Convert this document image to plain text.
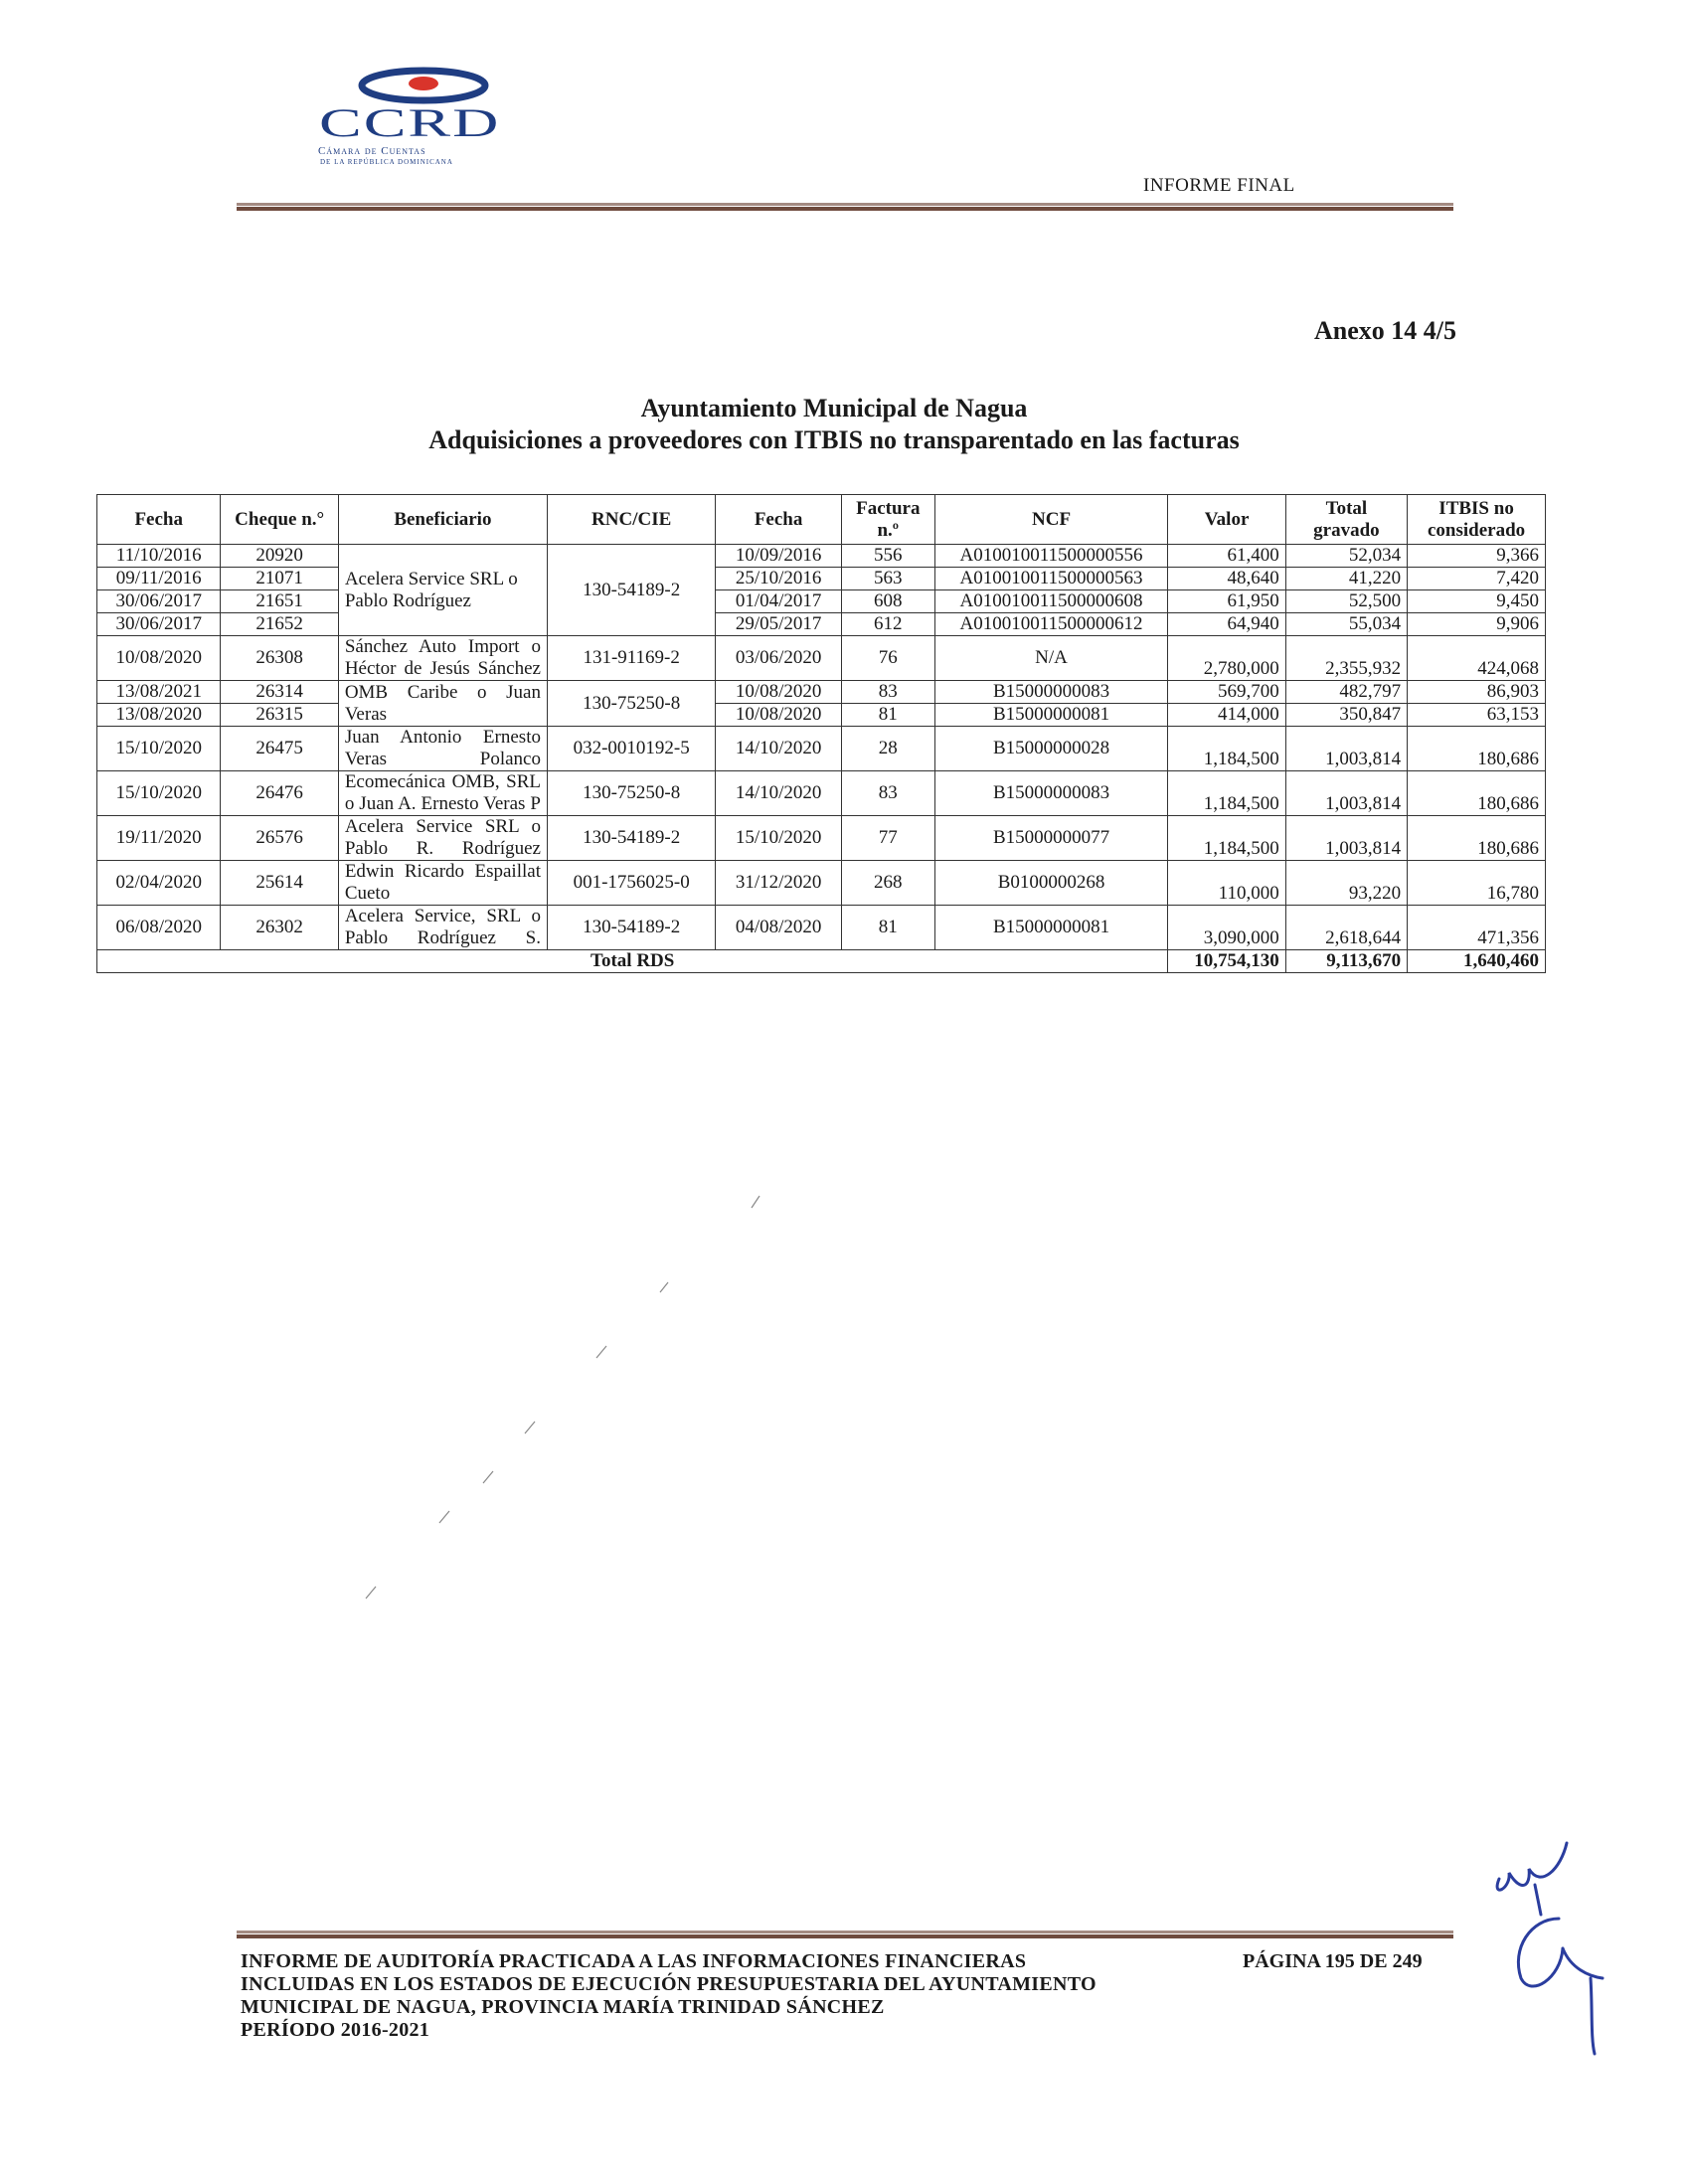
CCRD
Cámara de Cuentas
DE LA REPÚBLICA DOMINICANA
INFORME FINAL
Anexo 14 4/5
Ayuntamiento Municipal de Nagua
Adquisiciones a proveedores con ITBIS no transparentado en las facturas
Fecha	Cheque n.°	Beneficiario	RNC/CIE	Fecha	Factura n.º	NCF	Valor	Total gravado	ITBIS no considerado
11/10/2016	20920	Acelera Service SRL o Pablo Rodríguez	130-54189-2	10/09/2016	556	A010010011500000556	61,400	52,034	9,366
09/11/2016	21071			25/10/2016	563	A010010011500000563	48,640	41,220	7,420
30/06/2017	21651			01/04/2017	608	A010010011500000608	61,950	52,500	9,450
30/06/2017	21652			29/05/2017	612	A010010011500000612	64,940	55,034	9,906
10/08/2020	26308	Sánchez Auto Import o Héctor de Jesús Sánchez	131-91169-2	03/06/2020	76	N/A	2,780,000	2,355,932	424,068
13/08/2021	26314	OMB Caribe o Juan Veras	130-75250-8	10/08/2020	83	B15000000083	569,700	482,797	86,903
13/08/2020	26315			10/08/2020	81	B15000000081	414,000	350,847	63,153
15/10/2020	26475	Juan Antonio Ernesto Veras Polanco	032-0010192-5	14/10/2020	28	B15000000028	1,184,500	1,003,814	180,686
15/10/2020	26476	Ecomecánica OMB, SRL o Juan A. Ernesto Veras P	130-75250-8	14/10/2020	83	B15000000083	1,184,500	1,003,814	180,686
19/11/2020	26576	Acelera Service SRL o Pablo R. Rodríguez	130-54189-2	15/10/2020	77	B15000000077	1,184,500	1,003,814	180,686
02/04/2020	25614	Edwin Ricardo Espaillat Cueto	001-1756025-0	31/12/2020	268	B0100000268	110,000	93,220	16,780
06/08/2020	26302	Acelera Service, SRL o Pablo Rodríguez S.	130-54189-2	04/08/2020	81	B15000000081	3,090,000	2,618,644	471,356
Total RDS							10,754,130	9,113,670	1,640,460
INFORME DE AUDITORÍA PRACTICADA A LAS INFORMACIONES FINANCIERAS
INCLUIDAS EN LOS ESTADOS DE EJECUCIÓN PRESUPUESTARIA DEL AYUNTAMIENTO
MUNICIPAL DE NAGUA, PROVINCIA MARÍA TRINIDAD SÁNCHEZ
PERÍODO 2016-2021
PÁGINA 195 DE 249
